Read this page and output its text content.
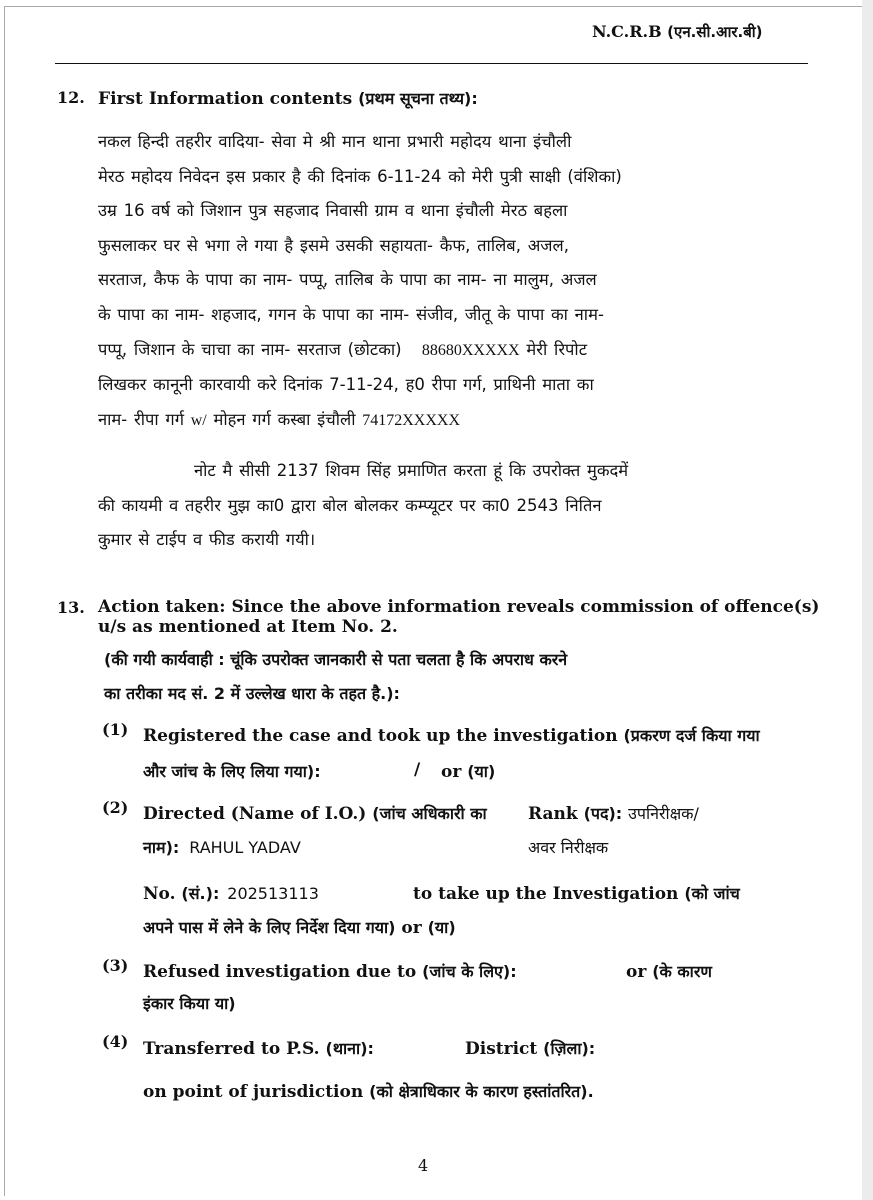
N.C.R.B (एन.सी.आर.बी)
12. First Information contents (प्रथम सूचना तथ्य):
नकल हिन्दी तहरीर वादिया- सेवा मे श्री मान थाना प्रभारी महोदय थाना इंचौली
मेरठ महोदय निवेदन इस प्रकार है की दिनांक 6-11-24 को मेरी पुत्री साक्षी (वंशिका)
उम्र 16 वर्ष को जिशान पुत्र सहजाद निवासी ग्राम व थाना इंचौली मेरठ बहला
फुसलाकर घर से भगा ले गया है इसमे उसकी सहायता- कैफ, तालिब, अजल,
सरताज, कैफ के पापा का नाम- पप्पू, तालिब के पापा का नाम- ना मालुम, अजल
के पापा का नाम- शहजाद, गगन के पापा का नाम- संजीव, जीतू के पापा का नाम-
पप्पू, जिशान के चाचा का नाम- सरताज (छोटका) 88680XXXXX मेरी रिपोट
लिखकर कानूनी कारवायी करे दिनांक 7-11-24, ह0 रीपा गर्ग, प्राथिनी माता का
नाम- रीपा गर्ग w/ मोहन गर्ग कस्बा इंचौली 74172XXXXX
नोट मै सीसी 2137 शिवम सिंह प्रमाणित करता हूं कि उपरोक्त मुकदमें
की कायमी व तहरीर मुझ का0 द्वारा बोल बोलकर कम्प्यूटर पर का0 2543 नितिन
कुमार से टाईप व फीड करायी गयी।
13. Action taken: Since the above information reveals commission of offence(s)
u/s as mentioned at Item No. 2.
(की गयी कार्यवाही : चूंकि उपरोक्त जानकारी से पता चलता है कि अपराध करने
का तरीका मद सं. 2 में उल्लेख धारा के तहत है.):
(1) Registered the case and took up the investigation (प्रकरण दर्ज किया गया
और जांच के लिए लिया गया):	/ or (या)
(2) Directed (Name of I.O.) (जांच अधिकारी का Rank (पद): उपनिरीक्षक/
नाम): RAHUL YADAV	अवर निरीक्षक
No. (सं.): 202513113	to take up the Investigation (को जांच
अपने पास में लेने के लिए निर्देश दिया गया) or (या)
(3) Refused investigation due to (जांच के लिए):	or (के कारण
इंकार किया या)
(4) Transferred to P.S. (थाना):	District (ज़िला):
on point of jurisdiction (को क्षेत्राधिकार के कारण हस्तांतरित).
4
